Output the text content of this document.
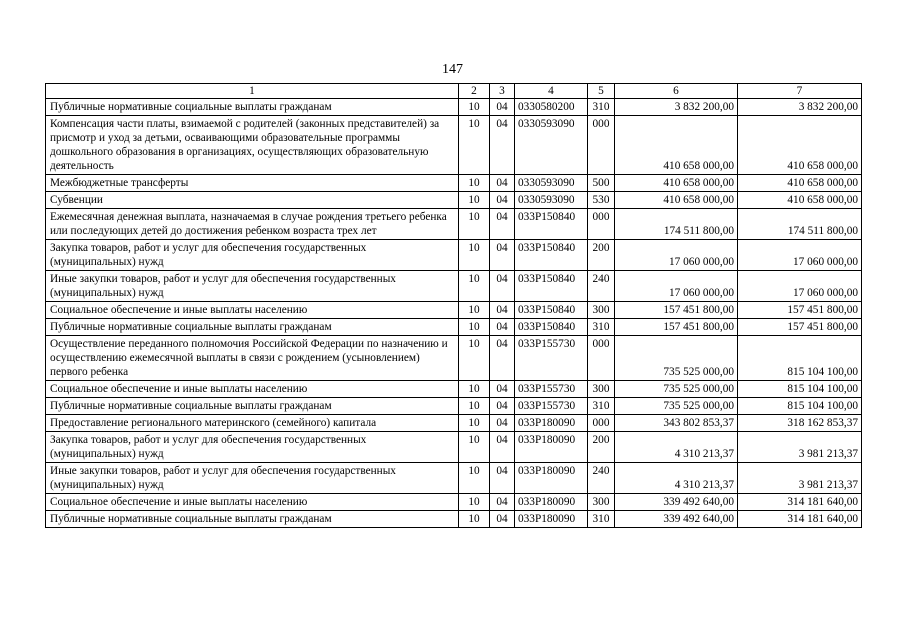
147
1	2	3	4	5	6	7
Публичные нормативные социальные выплаты гражданам	10	04	0330580200	310	3 832 200,00	3 832 200,00
Компенсация части платы, взимаемой с родителей (законных представителей) за присмотр и уход за детьми, осваивающими образовательные программы дошкольного образования в организациях, осуществляющих образовательную деятельность	10	04	0330593090	000	410 658 000,00	410 658 000,00
Межбюджетные трансферты	10	04	0330593090	500	410 658 000,00	410 658 000,00
Субвенции	10	04	0330593090	530	410 658 000,00	410 658 000,00
Ежемесячная денежная выплата, назначаемая в случае рождения третьего ребенка или последующих детей до достижения ребенком возраста трех лет	10	04	033P150840	000	174 511 800,00	174 511 800,00
Закупка товаров, работ и услуг для обеспечения государственных (муниципальных) нужд	10	04	033P150840	200	17 060 000,00	17 060 000,00
Иные закупки товаров, работ и услуг для обеспечения государственных (муниципальных) нужд	10	04	033P150840	240	17 060 000,00	17 060 000,00
Социальное обеспечение и иные выплаты населению	10	04	033P150840	300	157 451 800,00	157 451 800,00
Публичные нормативные социальные выплаты гражданам	10	04	033P150840	310	157 451 800,00	157 451 800,00
Осуществление переданного полномочия Российской Федерации по назначению и осуществлению ежемесячной выплаты в связи с рождением (усыновлением) первого ребенка	10	04	033P155730	000	735 525 000,00	815 104 100,00
Социальное обеспечение и иные выплаты населению	10	04	033P155730	300	735 525 000,00	815 104 100,00
Публичные нормативные социальные выплаты гражданам	10	04	033P155730	310	735 525 000,00	815 104 100,00
Предоставление регионального материнского (семейного) капитала	10	04	033P180090	000	343 802 853,37	318 162 853,37
Закупка товаров, работ и услуг для обеспечения государственных (муниципальных) нужд	10	04	033P180090	200	4 310 213,37	3 981 213,37
Иные закупки товаров, работ и услуг для обеспечения государственных (муниципальных) нужд	10	04	033P180090	240	4 310 213,37	3 981 213,37
Социальное обеспечение и иные выплаты населению	10	04	033P180090	300	339 492 640,00	314 181 640,00
Публичные нормативные социальные выплаты гражданам	10	04	033P180090	310	339 492 640,00	314 181 640,00
